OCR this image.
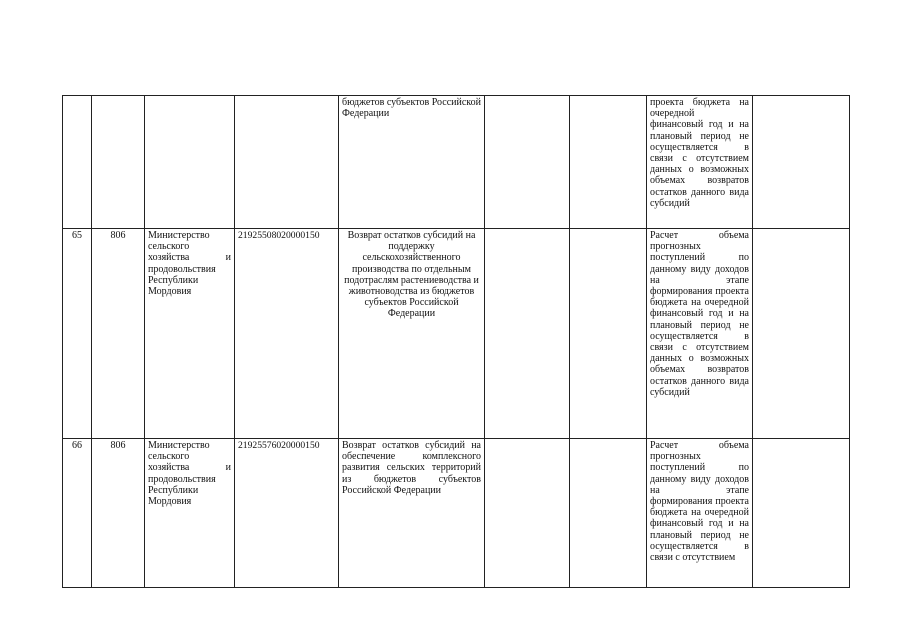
				бюджетов субъектов Российской Федерации			проекта бюджета на очередной финансовый год и на плановый период не осуществляется в связи с отсутствием данных о возможных объемах возвратов остатков данного вида субсидий	
65	806	Министерство сельского хозяйства и продовольствия Республики Мордовия	21925508020000150	Возврат остатков субсидий на поддержку сельскохозяйственного производства по отдельным подотраслям растениеводства и животноводства из бюджетов субъектов Российской Федерации			Расчет объема прогнозных поступлений по данному виду доходов на этапе формирования проекта бюджета на очередной финансовый год и на плановый период не осуществляется в связи с отсутствием данных о возможных объемах возвратов остатков данного вида субсидий	
66	806	Министерство сельского хозяйства и продовольствия Республики Мордовия	21925576020000150	Возврат остатков субсидий на обеспечение комплексного развития сельских территорий из бюджетов субъектов Российской Федерации			Расчет объема прогнозных поступлений по данному виду доходов на этапе формирования проекта бюджета на очередной финансовый год и на плановый период не осуществляется в связи с отсутствием	
